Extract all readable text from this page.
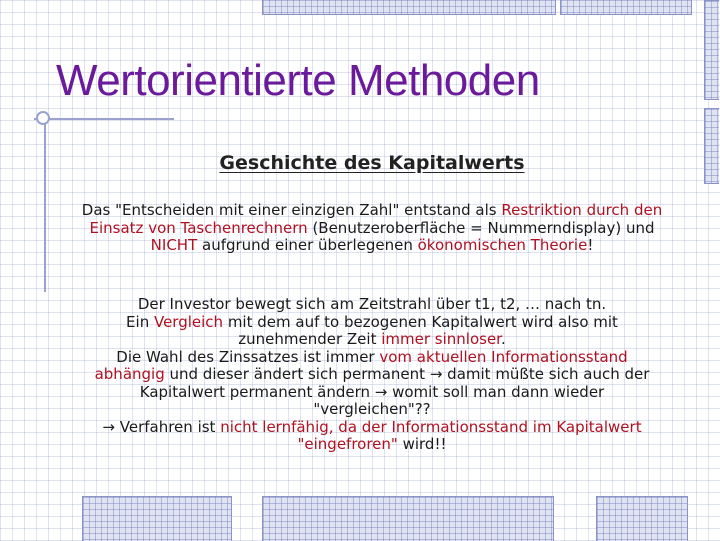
Wertorientierte Methoden
Geschichte des Kapitalwerts

Das "Entscheiden mit einer einzigen Zahl" entstand als Restriktion durch den Einsatz von Taschenrechnern (Benutzeroberfläche = Nummerndisplay) und NICHT aufgrund einer überlegenen ökonomischen Theorie!

Der Investor bewegt sich am Zeitstrahl über t1, t2, … nach tn.
Ein Vergleich mit dem auf to bezogenen Kapitalwert wird also mit zunehmender Zeit immer sinnloser.
Die Wahl des Zinssatzes ist immer vom aktuellen Informationsstand abhängig und dieser ändert sich permanent → damit müßte sich auch der Kapitalwert permanent ändern → womit soll man dann wieder "vergleichen"??
→ Verfahren ist nicht lernfähig, da der Informationsstand im Kapitalwert "eingefroren" wird!!
